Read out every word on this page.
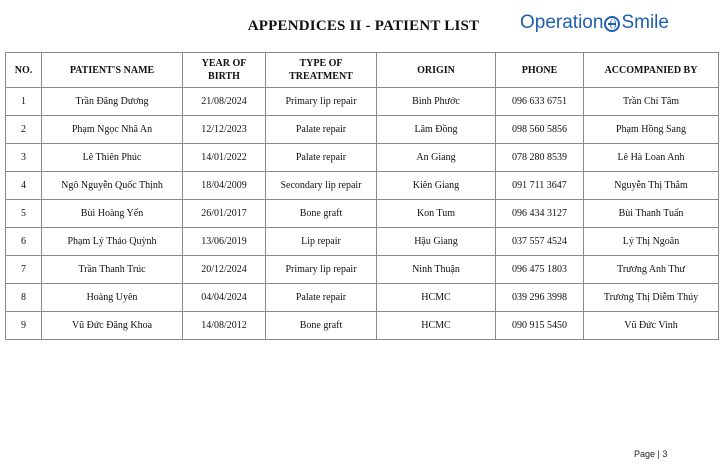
APPENDICES II - PATIENT LIST	Operation Smile
NO.	PATIENT'S NAME	YEAR OF BIRTH	TYPE OF TREATMENT	ORIGIN	PHONE	ACCOMPANIED BY
1	Trần Đăng Dương	21/08/2024	Primary lip repair	Bình Phước	096 633 6751	Trần Chí Tâm
2	Phạm Ngọc Nhã An	12/12/2023	Palate repair	Lâm Đồng	098 560 5856	Phạm Hồng Sang
3	Lê Thiên Phúc	14/01/2022	Palate repair	An Giang	078 280 8539	Lê Hà Loan Anh
4	Ngô Nguyễn Quốc Thịnh	18/04/2009	Secondary lip repair	Kiên Giang	091 711 3647	Nguyễn Thị Thắm
5	Bùi Hoàng Yến	26/01/2017	Bone graft	Kon Tum	096 434 3127	Bùi Thanh Tuấn
6	Phạm Lý Thảo Quỳnh	13/06/2019	Lip repair	Hậu Giang	037 557 4524	Lý Thị Ngoãn
7	Trần Thanh Trúc	20/12/2024	Primary lip repair	Ninh Thuận	096 475 1803	Trương Anh Thư
8	Hoàng Uyên	04/04/2024	Palate repair	HCMC	039 296 3998	Trương Thị Diễm Thúy
9	Vũ Đức Đăng Khoa	14/08/2012	Bone graft	HCMC	090 915 5450	Vũ Đức Vinh
Page | 3
